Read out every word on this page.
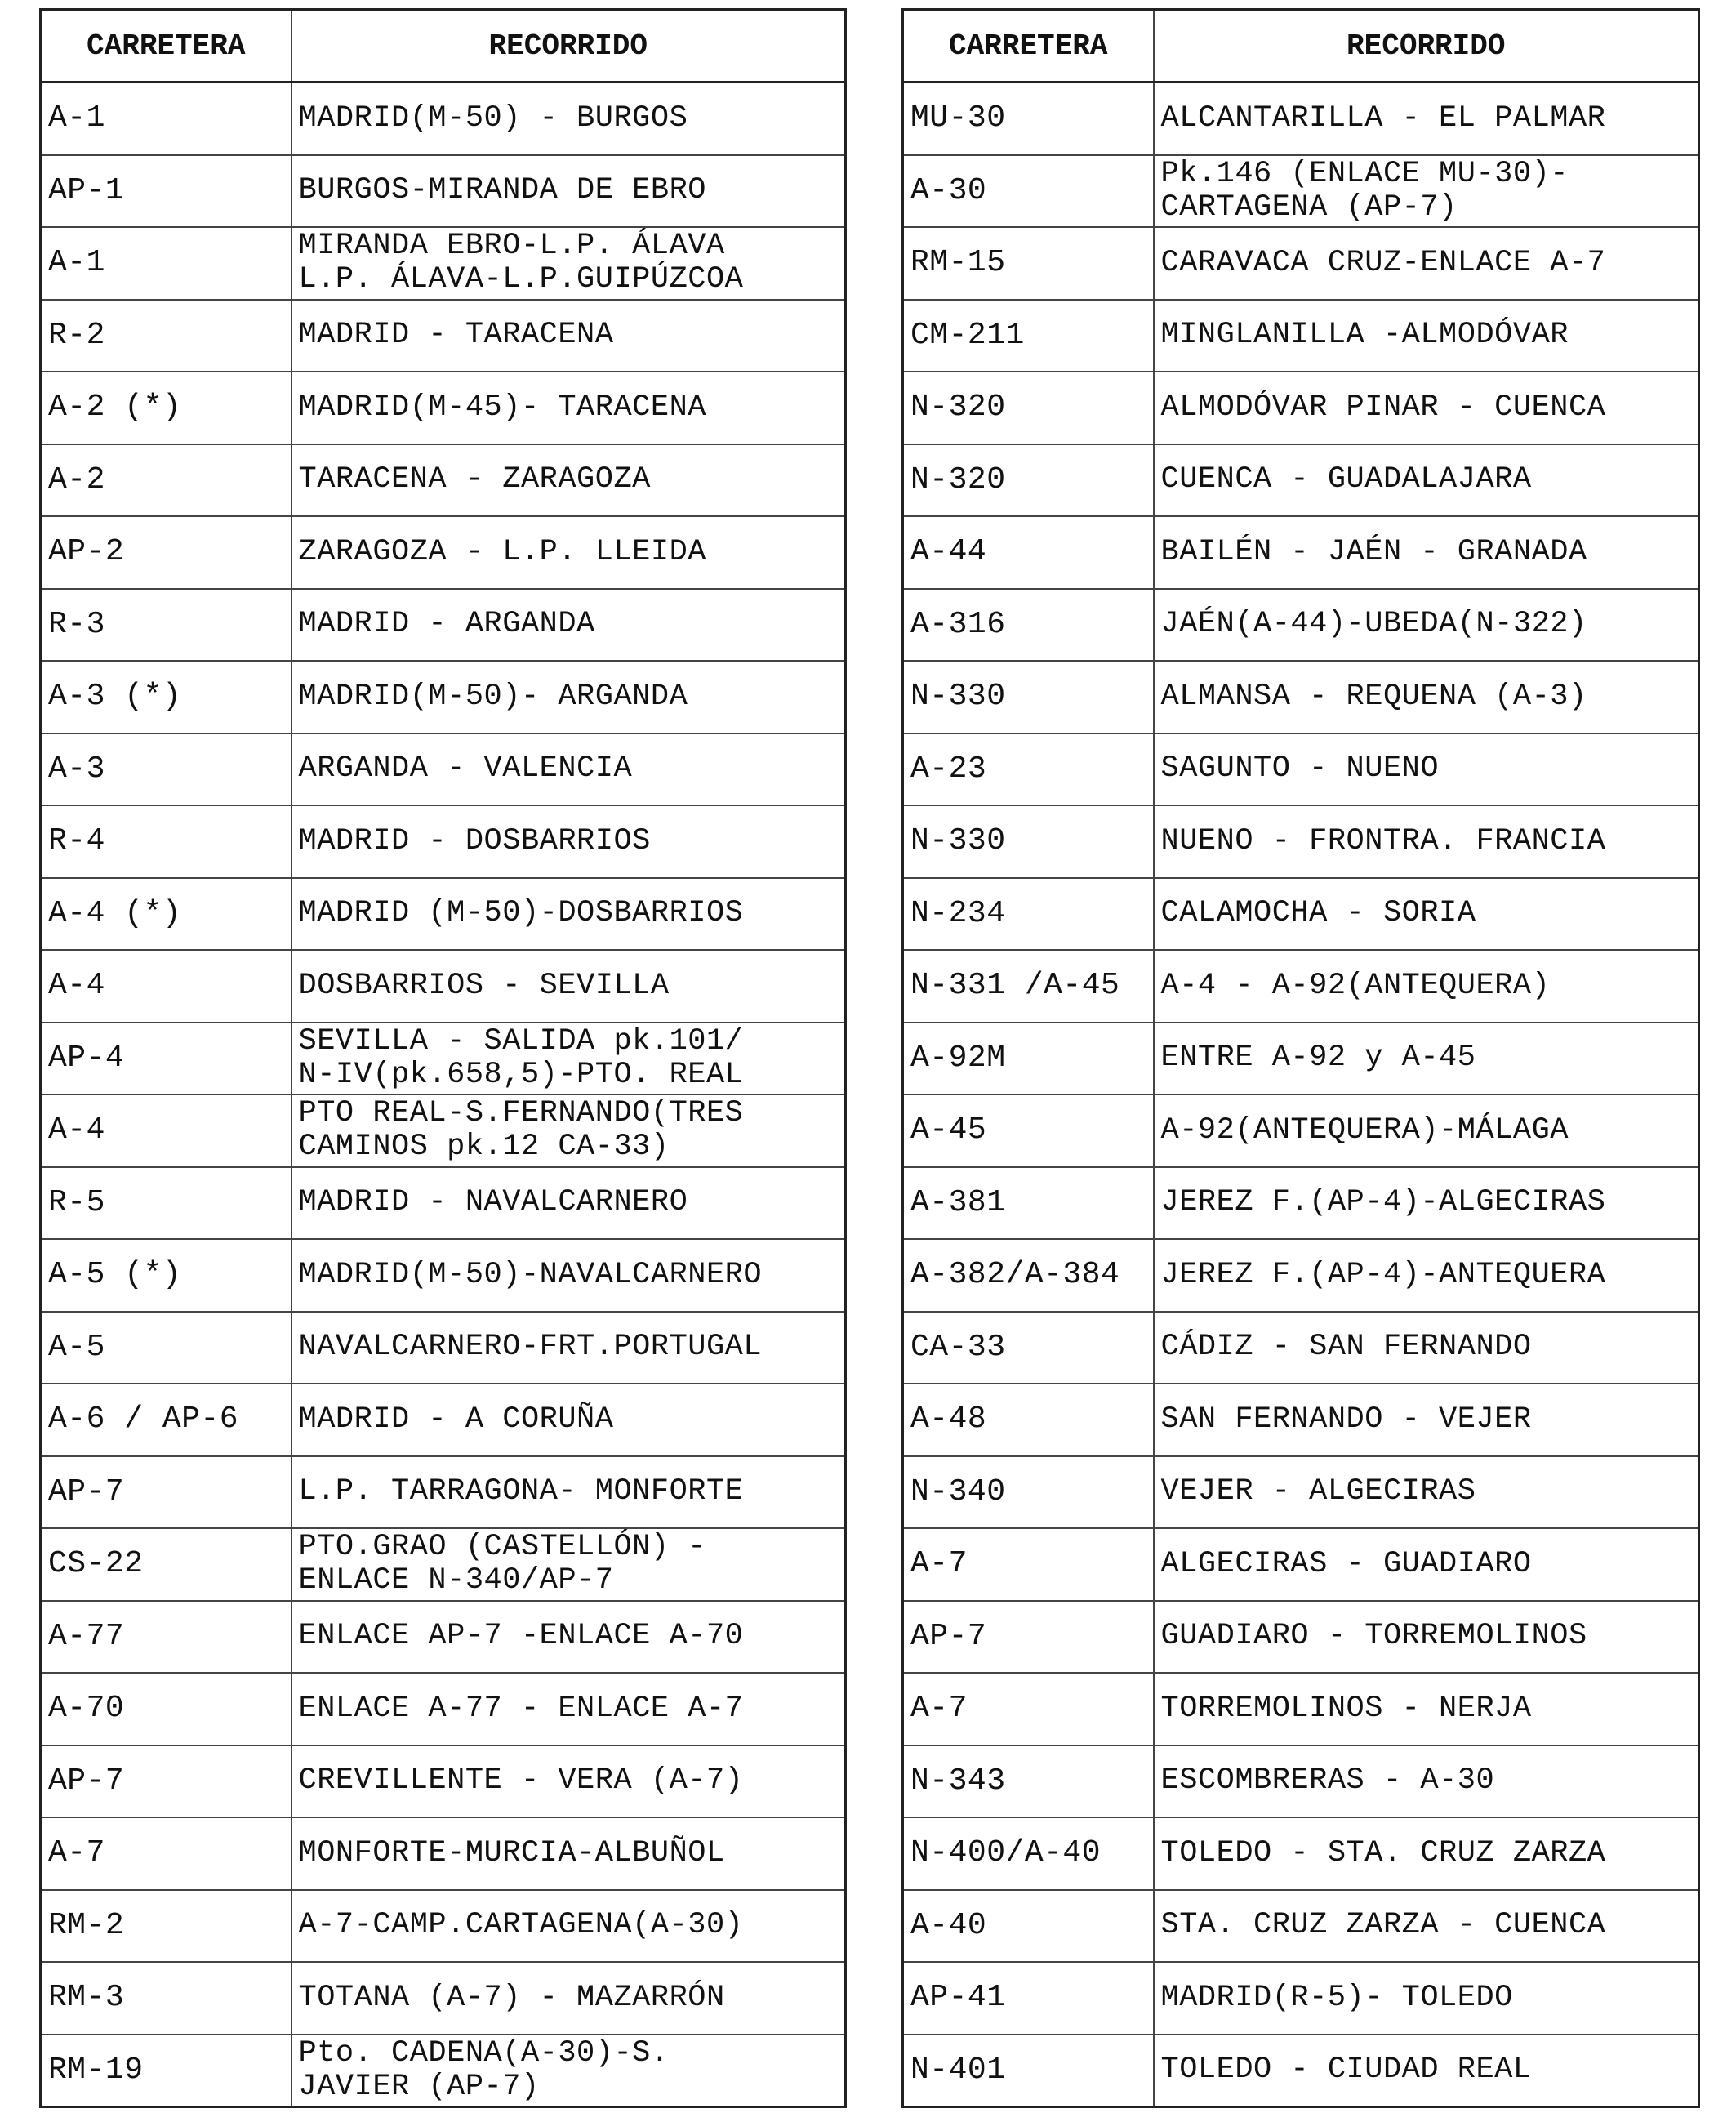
CARRETERA	RECORRIDO
A-1	MADRID(M-50) - BURGOS
AP-1	BURGOS-MIRANDA DE EBRO
A-1	MIRANDA EBRO-L.P. ÁLAVA
L.P. ÁLAVA-L.P.GUIPÚZCOA
R-2	MADRID - TARACENA
A-2 (*)	MADRID(M-45)- TARACENA
A-2	TARACENA - ZARAGOZA
AP-2	ZARAGOZA - L.P. LLEIDA
R-3	MADRID - ARGANDA
A-3 (*)	MADRID(M-50)- ARGANDA
A-3	ARGANDA - VALENCIA
R-4	MADRID - DOSBARRIOS
A-4 (*)	MADRID (M-50)-DOSBARRIOS
A-4	DOSBARRIOS - SEVILLA
AP-4	SEVILLA - SALIDA pk.101/
N-IV(pk.658,5)-PTO. REAL
A-4	PTO REAL-S.FERNANDO(TRES
CAMINOS pk.12 CA-33)
R-5	MADRID - NAVALCARNERO
A-5 (*)	MADRID(M-50)-NAVALCARNERO
A-5	NAVALCARNERO-FRT.PORTUGAL
A-6 / AP-6	MADRID - A CORUÑA
AP-7	L.P. TARRAGONA- MONFORTE
CS-22	PTO.GRAO (CASTELLÓN) -
ENLACE N-340/AP-7
A-77	ENLACE AP-7 -ENLACE A-70
A-70	ENLACE A-77 - ENLACE A-7
AP-7	CREVILLENTE - VERA (A-7)
A-7	MONFORTE-MURCIA-ALBUÑOL
RM-2	A-7-CAMP.CARTAGENA(A-30)
RM-3	TOTANA (A-7) - MAZARRÓN
RM-19	Pto. CADENA(A-30)-S.
JAVIER (AP-7)
CARRETERA	RECORRIDO
MU-30	ALCANTARILLA - EL PALMAR
A-30	Pk.146 (ENLACE MU-30)-
CARTAGENA (AP-7)
RM-15	CARAVACA CRUZ-ENLACE A-7
CM-211	MINGLANILLA -ALMODÓVAR
N-320	ALMODÓVAR PINAR - CUENCA
N-320	CUENCA - GUADALAJARA
A-44	BAILÉN - JAÉN - GRANADA
A-316	JAÉN(A-44)-UBEDA(N-322)
N-330	ALMANSA - REQUENA (A-3)
A-23	SAGUNTO - NUENO
N-330	NUENO - FRONTRA. FRANCIA
N-234	CALAMOCHA - SORIA
N-331 /A-45	A-4 - A-92(ANTEQUERA)
A-92M	ENTRE A-92 y A-45
A-45	A-92(ANTEQUERA)-MÁLAGA
A-381	JEREZ F.(AP-4)-ALGECIRAS
A-382/A-384	JEREZ F.(AP-4)-ANTEQUERA
CA-33	CÁDIZ - SAN FERNANDO
A-48	SAN FERNANDO - VEJER
N-340	VEJER - ALGECIRAS
A-7	ALGECIRAS - GUADIARO
AP-7	GUADIARO - TORREMOLINOS
A-7	TORREMOLINOS - NERJA
N-343	ESCOMBRERAS - A-30
N-400/A-40	TOLEDO - STA. CRUZ ZARZA
A-40	STA. CRUZ ZARZA - CUENCA
AP-41	MADRID(R-5)- TOLEDO
N-401	TOLEDO - CIUDAD REAL
